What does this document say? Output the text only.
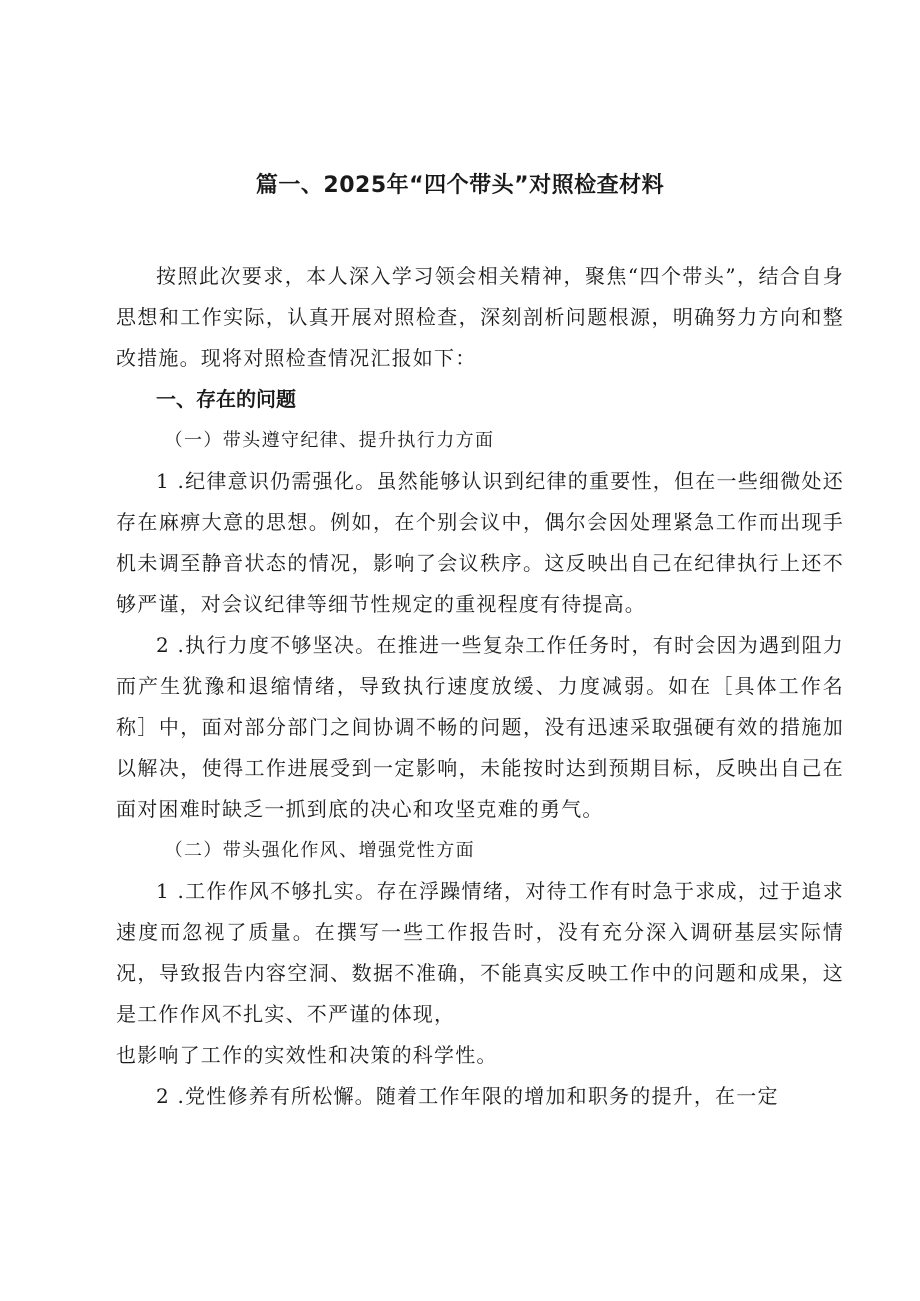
篇一、2025年“四个带头”对照检查材料

按照此次要求，本人深入学习领会相关精神，聚焦“四个带头”，结合自身思想和工作实际，认真开展对照检查，深刻剖析问题根源，明确努力方向和整改措施。现将对照检查情况汇报如下：

一、存在的问题

（一）带头遵守纪律、提升执行力方面

1 .纪律意识仍需强化。虽然能够认识到纪律的重要性，但在一些细微处还存在麻痹大意的思想。例如，在个别会议中，偶尔会因处理紧急工作而出现手机未调至静音状态的情况，影响了会议秩序。这反映出自己在纪律执行上还不够严谨，对会议纪律等细节性规定的重视程度有待提高。

2 .执行力度不够坚决。在推进一些复杂工作任务时，有时会因为遇到阻力而产生犹豫和退缩情绪，导致执行速度放缓、力度减弱。如在［具体工作名称］中，面对部分部门之间协调不畅的问题，没有迅速采取强硬有效的措施加以解决，使得工作进展受到一定影响，未能按时达到预期目标，反映出自己在面对困难时缺乏一抓到底的决心和攻坚克难的勇气。

（二）带头强化作风、增强党性方面

1 .工作作风不够扎实。存在浮躁情绪，对待工作有时急于求成，过于追求速度而忽视了质量。在撰写一些工作报告时，没有充分深入调研基层实际情况，导致报告内容空洞、数据不准确，不能真实反映工作中的问题和成果，这是工作作风不扎实、不严谨的体现，

也影响了工作的实效性和决策的科学性。

2 .党性修养有所松懈。随着工作年限的增加和职务的提升，在一定
